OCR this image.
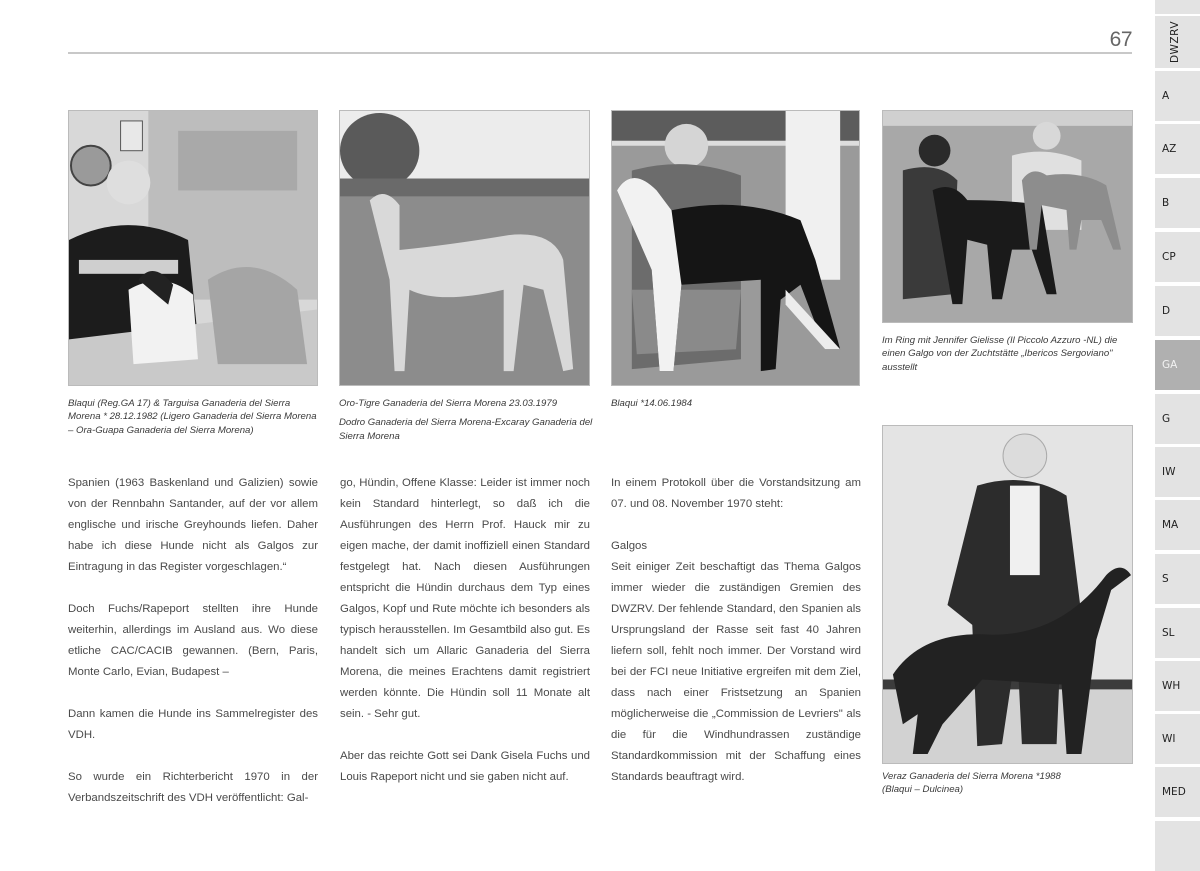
67

Blaqui (Reg.GA 17) & Targuisa Ganaderia del Sierra Morena * 28.12.1982 (Ligero Ganaderia del Sierra Morena – Ora-Guapa Ganaderia del Sierra Morena)

Oro-Tigre Ganaderia del Sierra Morena 23.03.1979

Dodro Ganaderia del Sierra Morena-Excaray Ganaderia del Sierra Morena

Blaqui *14.06.1984

Im Ring mit Jennifer Gielisse (Il Piccolo Azzuro -NL) die einen Galgo von der Zuchtstätte „Ibericos Sergoviano" ausstellt

Veraz Ganaderia del Sierra Morena *1988

(Blaqui – Dulcinea)

Spanien (1963 Baskenland und Galizien) sowie von der Rennbahn Santander, auf der vor allem englische und irische Greyhounds liefen. Daher habe ich diese Hunde nicht als Galgos zur Eintragung in das Register vorgeschlagen.“

Doch Fuchs/Rapeport stellten ihre Hunde weiterhin, allerdings im Ausland aus. Wo diese etliche CAC/CACIB gewannen. (Bern, Paris, Monte Carlo, Evian, Budapest –

Dann kamen die Hunde ins Sammelregister des VDH.

So wurde ein Richterbericht 1970 in der Verbandszeitschrift des VDH veröffentlicht: Gal-

go, Hündin, Offene Klasse: Leider ist immer noch kein Standard hinterlegt, so daß ich die Ausführungen des Herrn Prof. Hauck mir zu eigen mache, der damit inoffiziell einen Standard festgelegt hat. Nach diesen Ausführungen entspricht die Hündin durchaus dem Typ eines Galgos, Kopf und Rute möchte ich besonders als typisch herausstellen. Im Gesamtbild also gut. Es handelt sich um Allaric Ganaderia del Sierra Morena, die meines Erachtens damit registriert werden könnte. Die Hündin soll 11 Monate alt sein. - Sehr gut.

Aber das reichte Gott sei Dank Gisela Fuchs und Louis Rapeport nicht und sie gaben nicht auf.

In einem Protokoll über die Vorstandsitzung am 07. und 08. November 1970 steht:

Galgos

Seit einiger Zeit beschaftigt das Thema Galgos immer wieder die zuständigen Gremien des DWZRV. Der fehlende Standard, den Spanien als Ursprungsland der Rasse seit fast 40 Jahren liefern soll, fehlt noch immer. Der Vorstand wird bei der FCI neue Initiative ergreifen mit dem Ziel, dass nach einer Fristsetzung an Spanien möglicherweise die „Commission de Levriers" als die für die Windhundrassen zuständige Standardkommission mit der Schaffung eines Standards beauftragt wird.

DWZRV
A
AZ
B
CP
D
GA
G
IW
MA
S
SL
WH
WI
MED
